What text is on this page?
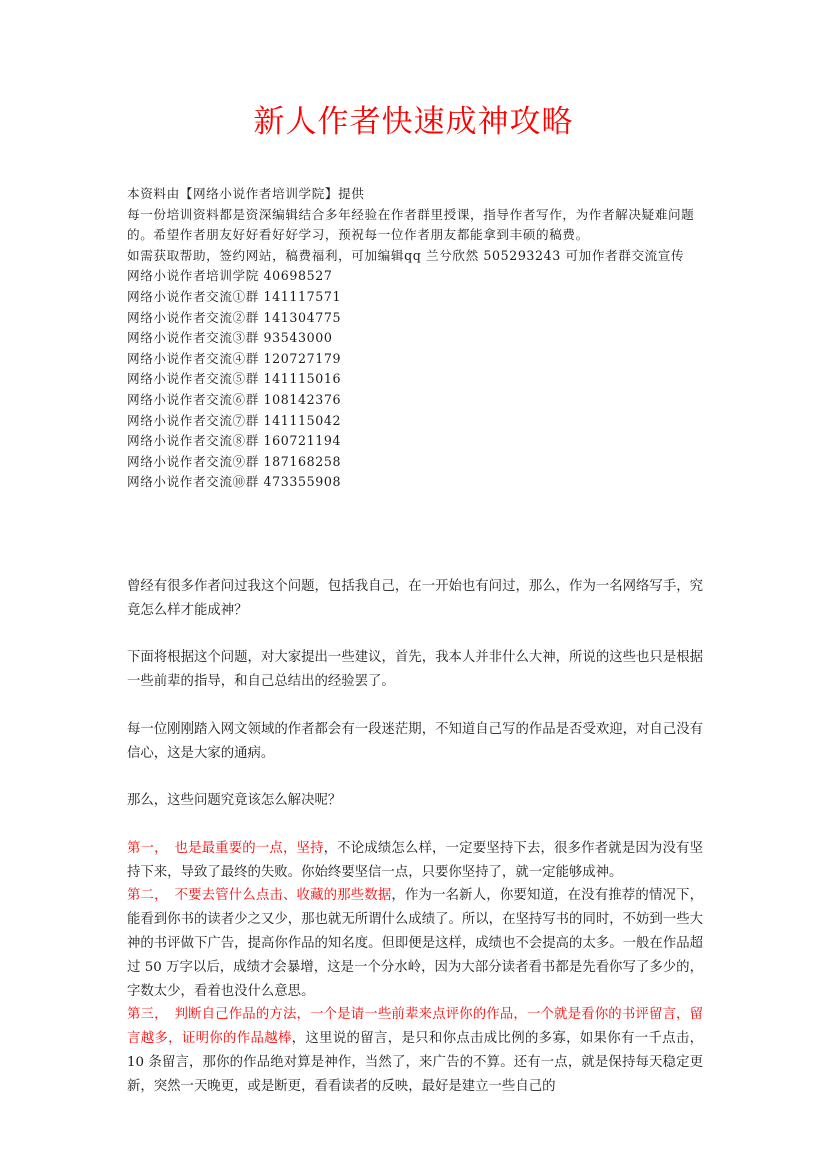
新人作者快速成神攻略
本资料由【网络小说作者培训学院】提供
每一份培训资料都是资深编辑结合多年经验在作者群里授课，指导作者写作，为作者解决疑难问题的。希望作者朋友好好看好好学习，预祝每一位作者朋友都能拿到丰硕的稿费。
如需获取帮助，签约网站，稿费福利，可加编辑qq 兰兮欣然 505293243 可加作者群交流宣传
网络小说作者培训学院 40698527
网络小说作者交流①群 141117571
网络小说作者交流②群 141304775
网络小说作者交流③群 93543000
网络小说作者交流④群 120727179
网络小说作者交流⑤群 141115016
网络小说作者交流⑥群 108142376
网络小说作者交流⑦群 141115042
网络小说作者交流⑧群 160721194
网络小说作者交流⑨群 187168258
网络小说作者交流⑩群 473355908

曾经有很多作者问过我这个问题，包括我自己，在一开始也有问过，那么，作为一名网络写手，究竟怎么样才能成神？

下面将根据这个问题，对大家提出一些建议，首先，我本人并非什么大神，所说的这些也只是根据一些前辈的指导，和自己总结出的经验罢了。

每一位刚刚踏入网文领域的作者都会有一段迷茫期，不知道自己写的作品是否受欢迎，对自己没有信心，这是大家的通病。

那么，这些问题究竟该怎么解决呢？

第一，　也是最重要的一点，坚持，不论成绩怎么样，一定要坚持下去，很多作者就是因为没有坚持下来，导致了最终的失败。你始终要坚信一点，只要你坚持了，就一定能够成神。

第二，　不要去管什么点击、收藏的那些数据，作为一名新人，你要知道，在没有推荐的情况下，能看到你书的读者少之又少，那也就无所谓什么成绩了。所以，在坚持写书的同时，不妨到一些大神的书评做下广告，提高你作品的知名度。但即便是这样，成绩也不会提高的太多。一般在作品超过 50 万字以后，成绩才会暴增，这是一个分水岭，因为大部分读者看书都是先看你写了多少的，字数太少，看着也没什么意思。

第三，　判断自己作品的方法，一个是请一些前辈来点评你的作品，一个就是看你的书评留言，留言越多，证明你的作品越棒，这里说的留言，是只和你点击成比例的多寡，如果你有一千点击，10 条留言，那你的作品绝对算是神作，当然了，来广告的不算。还有一点，就是保持每天稳定更新，突然一天晚更，或是断更，看看读者的反映，最好是建立一些自己的
